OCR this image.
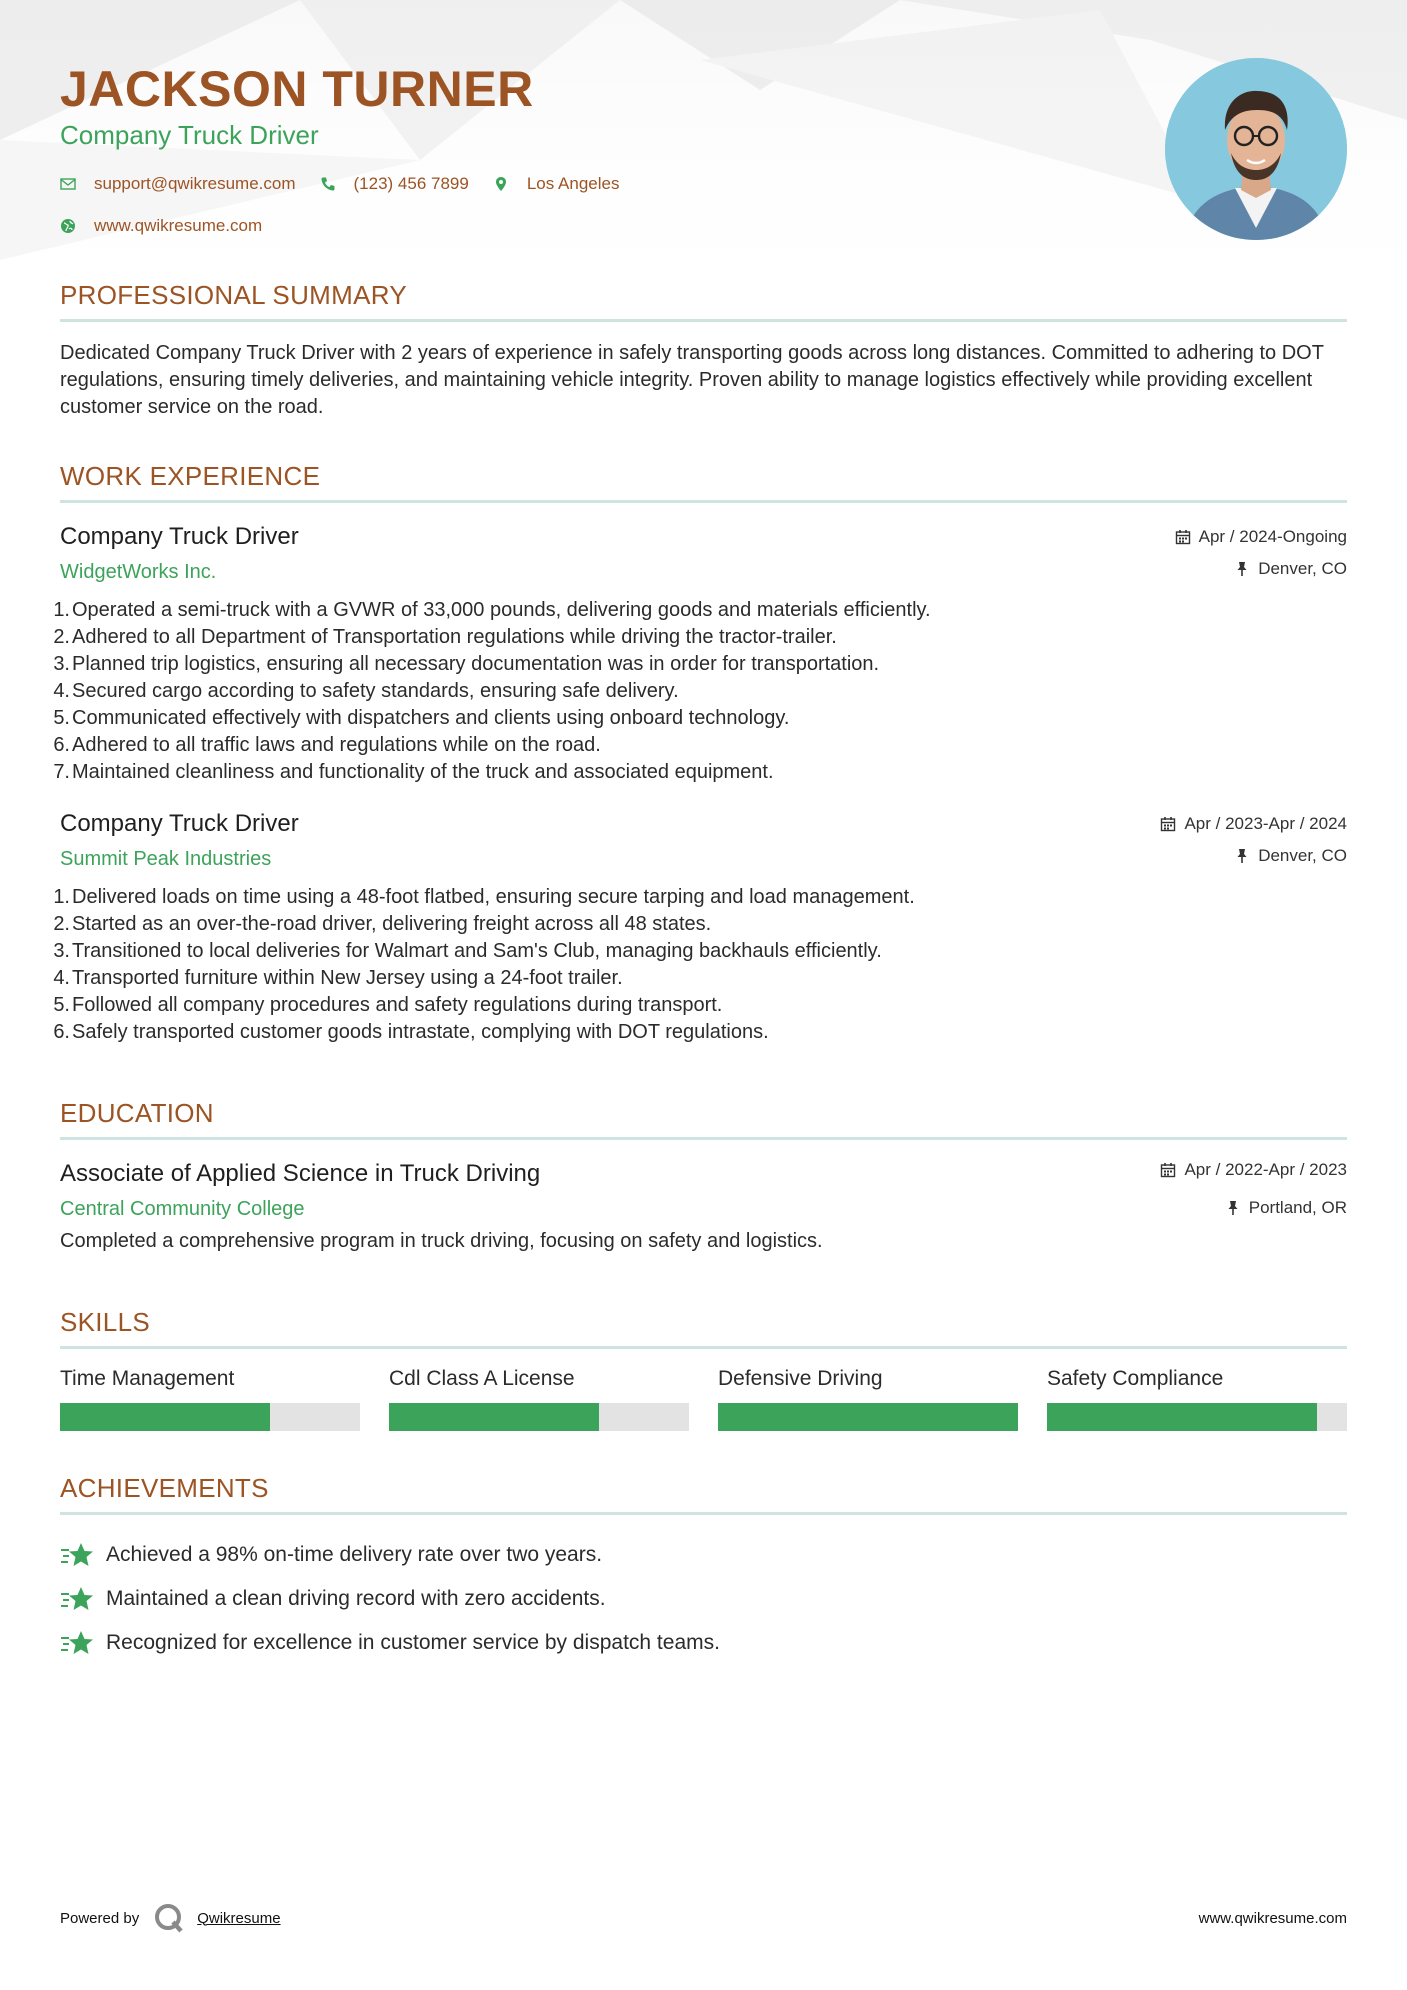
JACKSON TURNER
Company Truck Driver
support@qwikresume.com	(123) 456 7899	Los Angeles
www.qwikresume.com
PROFESSIONAL SUMMARY

Dedicated Company Truck Driver with 2 years of experience in safely transporting goods across long distances. Committed to adhering to DOT regulations, ensuring timely deliveries, and maintaining vehicle integrity. Proven ability to manage logistics effectively while providing excellent customer service on the road.

WORK EXPERIENCE
Company Truck Driver
WidgetWorks Inc.
Apr / 2024-Ongoing
Denver, CO
1. Operated a semi-truck with a GVWR of 33,000 pounds, delivering goods and materials efficiently.
2. Adhered to all Department of Transportation regulations while driving the tractor-trailer.
3. Planned trip logistics, ensuring all necessary documentation was in order for transportation.
4. Secured cargo according to safety standards, ensuring safe delivery.
5. Communicated effectively with dispatchers and clients using onboard technology.
6. Adhered to all traffic laws and regulations while on the road.
7. Maintained cleanliness and functionality of the truck and associated equipment.
Company Truck Driver
Summit Peak Industries
Apr / 2023-Apr / 2024
Denver, CO
1. Delivered loads on time using a 48-foot flatbed, ensuring secure tarping and load management.
2. Started as an over-the-road driver, delivering freight across all 48 states.
3. Transitioned to local deliveries for Walmart and Sam's Club, managing backhauls efficiently.
4. Transported furniture within New Jersey using a 24-foot trailer.
5. Followed all company procedures and safety regulations during transport.
6. Safely transported customer goods intrastate, complying with DOT regulations.
EDUCATION
Associate of Applied Science in Truck Driving
Central Community College
Apr / 2022-Apr / 2023
Portland, OR
Completed a comprehensive program in truck driving, focusing on safety and logistics.
SKILLS
Time Management	Cdl Class A License	Defensive Driving	Safety Compliance
ACHIEVEMENTS
Achieved a 98% on-time delivery rate over two years.
Maintained a clean driving record with zero accidents.
Recognized for excellence in customer service by dispatch teams.
Powered by	Qwikresume	www.qwikresume.com
